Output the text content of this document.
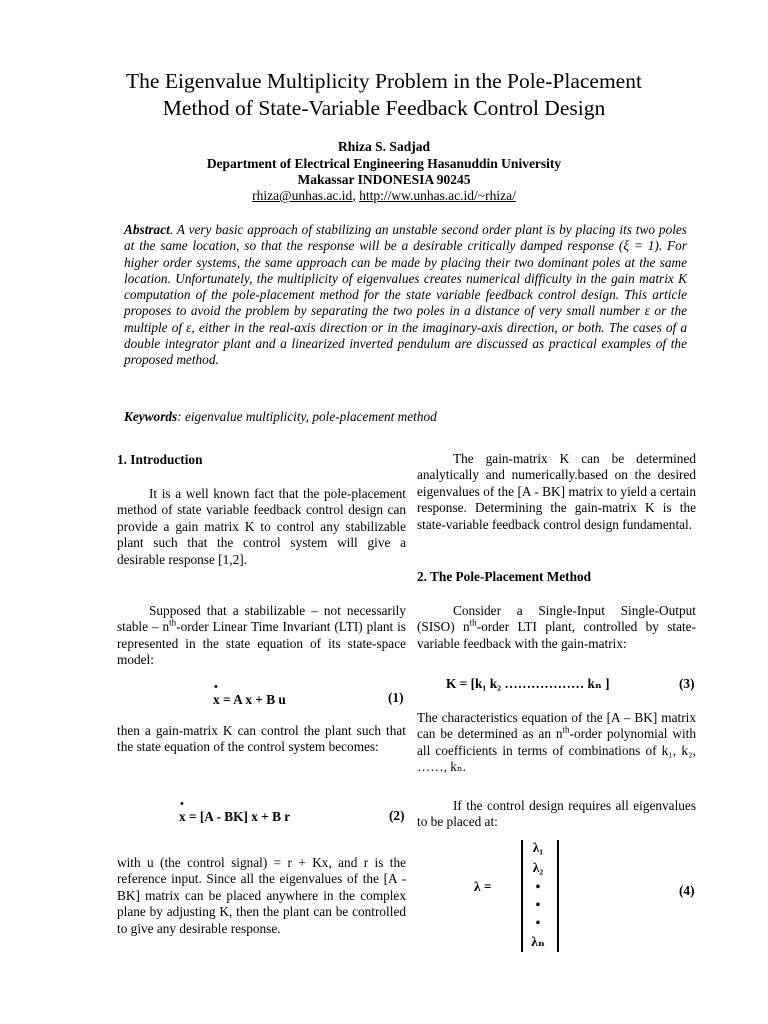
The Eigenvalue Multiplicity Problem in the Pole-Placement
Method of State-Variable Feedback Control Design
Rhiza S. Sadjad
Department of Electrical Engineering Hasanuddin University
Makassar INDONESIA 90245
rhiza@unhas.ac.id, http://ww.unhas.ac.id/~rhiza/
Abstract. A very basic approach of stabilizing an unstable second order plant is by placing its two poles at the same location, so that the response will be a desirable critically damped response (ξ = 1). For higher order systems, the same approach can be made by placing their two dominant poles at the same location. Unfortunately, the multiplicity of eigenvalues creates numerical difficulty in the gain matrix K computation of the pole-placement method for the state variable feedback control design. This article proposes to avoid the problem by separating the two poles in a distance of very small number ε or the multiple of ε, either in the real-axis direction or in the imaginary-axis direction, or both. The cases of a double integrator plant and a linearized inverted pendulum are discussed as practical examples of the proposed method.
Keywords: eigenvalue multiplicity, pole-placement method
1. Introduction

It is a well known fact that the pole-placement method of state variable feedback control design can provide a gain matrix K to control any stabilizable plant such that the control system will give a desirable response [1,2].

Supposed that a stabilizable – not necessarily stable – $n^{th}$-order Linear Time Invariant (LTI) plant is represented in the state equation of its state-space model:

• x = A x + B u	(1)

then a gain-matrix K can control the plant such that the state equation of the control system becomes:

• x = [A - BK] x + B r	(2)

with u (the control signal) = r + Kx, and r is the reference input. Since all the eigenvalues of the [A - BK] matrix can be placed anywhere in the complex plane by adjusting K, then the plant can be controlled to give any desirable response.

The gain-matrix K can be determined analytically and numerically.based on the desired eigenvalues of the [A - BK] matrix to yield a certain response. Determining the gain-matrix K is the state-variable feedback control design fundamental.

2. The Pole-Placement Method

Consider a Single-Input Single-Output (SISO) $n^{th}$-order LTI plant, controlled by state-variable feedback with the gain-matrix:

K = [k₁ k₂ ……………… kₙ ]	(3)

The characteristics equation of the [A – BK] matrix can be determined as an $n^{th}$-order polynomial with all coefficients in terms of combinations of k₁, k₂, ……, kₙ.

If the control design requires all eigenvalues to be placed at:

λ =
λ₁
λ₂
•
•
•
λₙ
(4)
